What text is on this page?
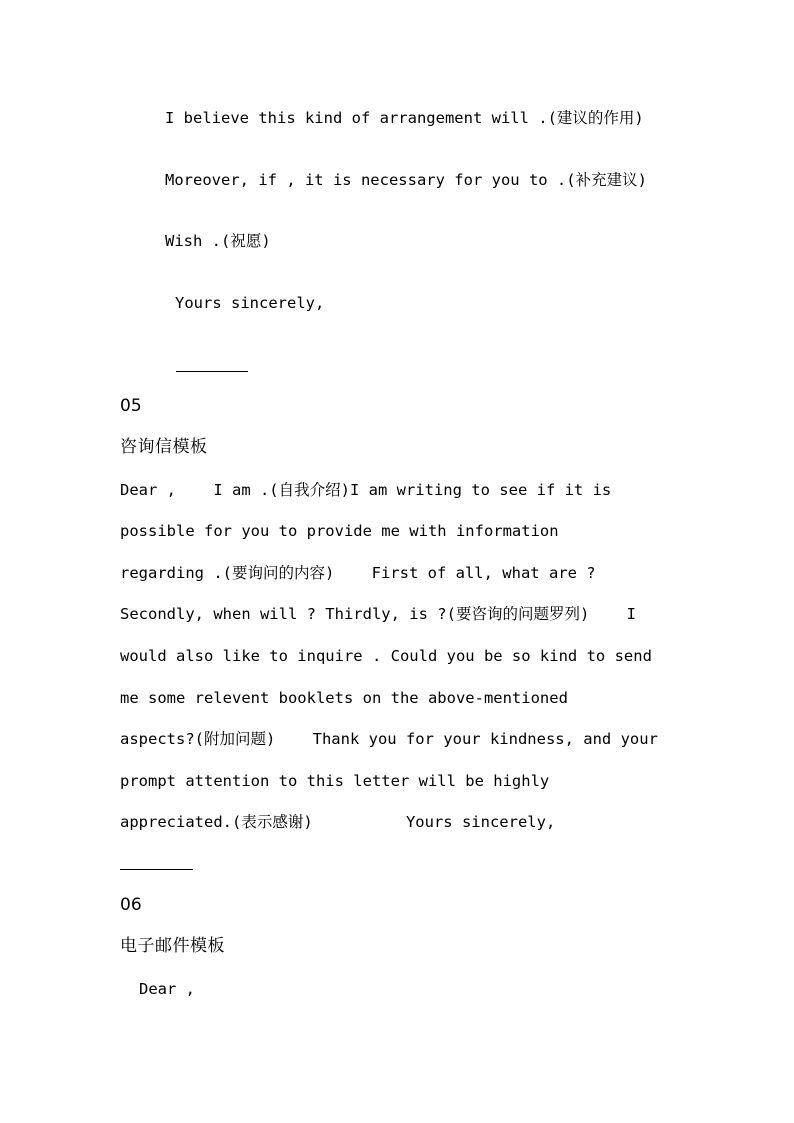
I believe this kind of arrangement will .(建议的作用)
Moreover, if , it is necessary for you to .(补充建议)
Wish .(祝愿)
Yours sincerely,
05
咨询信模板
Dear ,    I am .(自我介绍)I am writing to see if it is
possible for you to provide me with information
regarding .(要询问的内容)    First of all, what are ?
Secondly, when will ? Thirdly, is ?(要咨询的问题罗列)    I
would also like to inquire . Could you be so kind to send
me some relevent booklets on the above-mentioned
aspects?(附加问题)    Thank you for your kindness, and your
prompt attention to this letter will be highly
appreciated.(表示感谢)          Yours sincerely,
06
电子邮件模板
Dear ,
